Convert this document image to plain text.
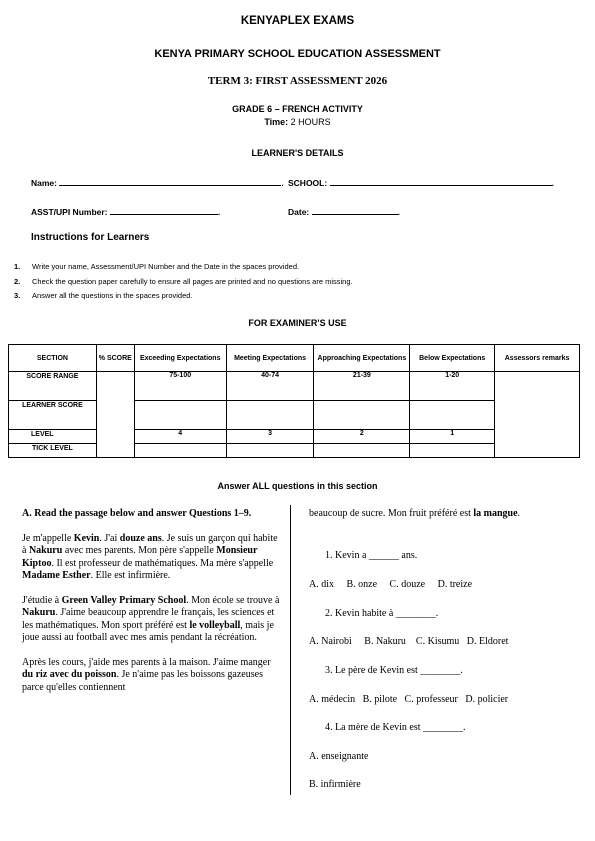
KENYAPLEX EXAMS
KENYA PRIMARY SCHOOL EDUCATION ASSESSMENT
TERM 3: FIRST ASSESSMENT 2026
GRADE 6 – FRENCH ACTIVITY
Time: 2 HOURS
LEARNER'S DETAILS
Name:	. SCHOOL:	.
ASST/UPI Number:	.	Date:	.
Instructions for Learners
1. Write your name, Assessment/UPI Number and the Date in the spaces provided.
2. Check the question paper carefully to ensure all pages are printed and no questions are missing.
3. Answer all the questions in the spaces provided.
FOR EXAMINER'S USE
SECTION	% SCORE	Exceeding Expectations	Meeting Expectations	Approaching Expectations	Below Expectations	Assessors remarks
SCORE RANGE		75-100	40-74	21-39	1-20	
LEARNER SCORE						
LEVEL		4	3	2	1	
TICK LEVEL						
Answer ALL questions in this section

A. Read the passage below and answer Questions 1–9.

Je m'appelle Kevin. J'ai douze ans. Je suis un garçon qui habite à Nakuru avec mes parents. Mon père s'appelle Monsieur Kiptoo. Il est professeur de mathématiques. Ma mère s'appelle Madame Esther. Elle est infirmière.

J'étudie à Green Valley Primary School. Mon école se trouve à Nakuru. J'aime beaucoup apprendre le français, les sciences et les mathématiques. Mon sport préféré est le volleyball, mais je joue aussi au football avec mes amis pendant la récréation.

Après les cours, j'aide mes parents à la maison. J'aime manger du riz avec du poisson. Je n'aime pas les boissons gazeuses parce qu'elles contiennent

beaucoup de sucre. Mon fruit préféré est la mangue.
1. Kevin a ______ ans.
A. dix     B. onze     C. douze     D. treize
2. Kevin habite à ________.
A. Nairobi     B. Nakuru    C. Kisumu   D. Eldoret
3. Le père de Kevin est ________.
A. médecin   B. pilote   C. professeur   D. policier
4. La mère de Kevin est ________.
A. enseignante
B. infirmière
